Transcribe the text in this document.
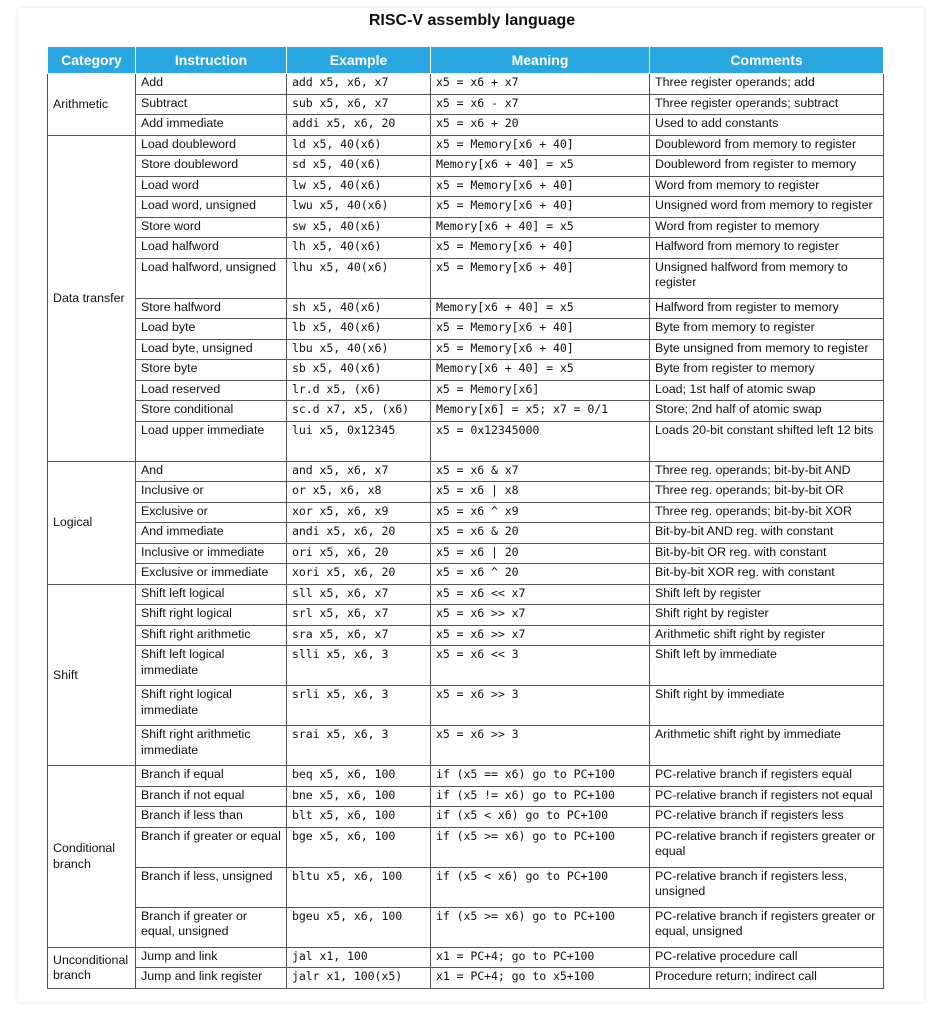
RISC-V assembly language
Category	Instruction	Example	Meaning	Comments
Arithmetic	Add	add x5, x6, x7	x5 = x6 + x7	Three register operands; add
	Subtract	sub x5, x6, x7	x5 = x6 - x7	Three register operands; subtract
	Add immediate	addi x5, x6, 20	x5 = x6 + 20	Used to add constants
Data transfer	Load doubleword	ld x5, 40(x6)	x5 = Memory[x6 + 40]	Doubleword from memory to register
	Store doubleword	sd x5, 40(x6)	Memory[x6 + 40] = x5	Doubleword from register to memory
	Load word	lw x5, 40(x6)	x5 = Memory[x6 + 40]	Word from memory to register
	Load word, unsigned	lwu x5, 40(x6)	x5 = Memory[x6 + 40]	Unsigned word from memory to register
	Store word	sw x5, 40(x6)	Memory[x6 + 40] = x5	Word from register to memory
	Load halfword	lh x5, 40(x6)	x5 = Memory[x6 + 40]	Halfword from memory to register
	Load halfword, unsigned	lhu x5, 40(x6)	x5 = Memory[x6 + 40]	Unsigned halfword from memory to register
	Store halfword	sh x5, 40(x6)	Memory[x6 + 40] = x5	Halfword from register to memory
	Load byte	lb x5, 40(x6)	x5 = Memory[x6 + 40]	Byte from memory to register
	Load byte, unsigned	lbu x5, 40(x6)	x5 = Memory[x6 + 40]	Byte unsigned from memory to register
	Store byte	sb x5, 40(x6)	Memory[x6 + 40] = x5	Byte from register to memory
	Load reserved	lr.d x5, (x6)	x5 = Memory[x6]	Load; 1st half of atomic swap
	Store conditional	sc.d x7, x5, (x6)	Memory[x6] = x5; x7 = 0/1	Store; 2nd half of atomic swap
	Load upper immediate	lui x5, 0x12345	x5 = 0x12345000	Loads 20-bit constant shifted left 12 bits
Logical	And	and x5, x6, x7	x5 = x6 & x7	Three reg. operands; bit-by-bit AND
	Inclusive or	or x5, x6, x8	x5 = x6 | x8	Three reg. operands; bit-by-bit OR
	Exclusive or	xor x5, x6, x9	x5 = x6 ^ x9	Three reg. operands; bit-by-bit XOR
	And immediate	andi x5, x6, 20	x5 = x6 & 20	Bit-by-bit AND reg. with constant
	Inclusive or immediate	ori x5, x6, 20	x5 = x6 | 20	Bit-by-bit OR reg. with constant
	Exclusive or immediate	xori x5, x6, 20	x5 = x6 ^ 20	Bit-by-bit XOR reg. with constant
Shift	Shift left logical	sll x5, x6, x7	x5 = x6 << x7	Shift left by register
	Shift right logical	srl x5, x6, x7	x5 = x6 >> x7	Shift right by register
	Shift right arithmetic	sra x5, x6, x7	x5 = x6 >> x7	Arithmetic shift right by register
	Shift left logical immediate	slli x5, x6, 3	x5 = x6 << 3	Shift left by immediate
	Shift right logical immediate	srli x5, x6, 3	x5 = x6 >> 3	Shift right by immediate
	Shift right arithmetic immediate	srai x5, x6, 3	x5 = x6 >> 3	Arithmetic shift right by immediate
Conditional branch	Branch if equal	beq x5, x6, 100	if (x5 == x6) go to PC+100	PC-relative branch if registers equal
	Branch if not equal	bne x5, x6, 100	if (x5 != x6) go to PC+100	PC-relative branch if registers not equal
	Branch if less than	blt x5, x6, 100	if (x5 < x6) go to PC+100	PC-relative branch if registers less
	Branch if greater or equal	bge x5, x6, 100	if (x5 >= x6) go to PC+100	PC-relative branch if registers greater or equal
	Branch if less, unsigned	bltu x5, x6, 100	if (x5 < x6) go to PC+100	PC-relative branch if registers less, unsigned
	Branch if greater or equal, unsigned	bgeu x5, x6, 100	if (x5 >= x6) go to PC+100	PC-relative branch if registers greater or equal, unsigned
Unconditional branch	Jump and link	jal x1, 100	x1 = PC+4; go to PC+100	PC-relative procedure call
	Jump and link register	jalr x1, 100(x5)	x1 = PC+4; go to x5+100	Procedure return; indirect call
